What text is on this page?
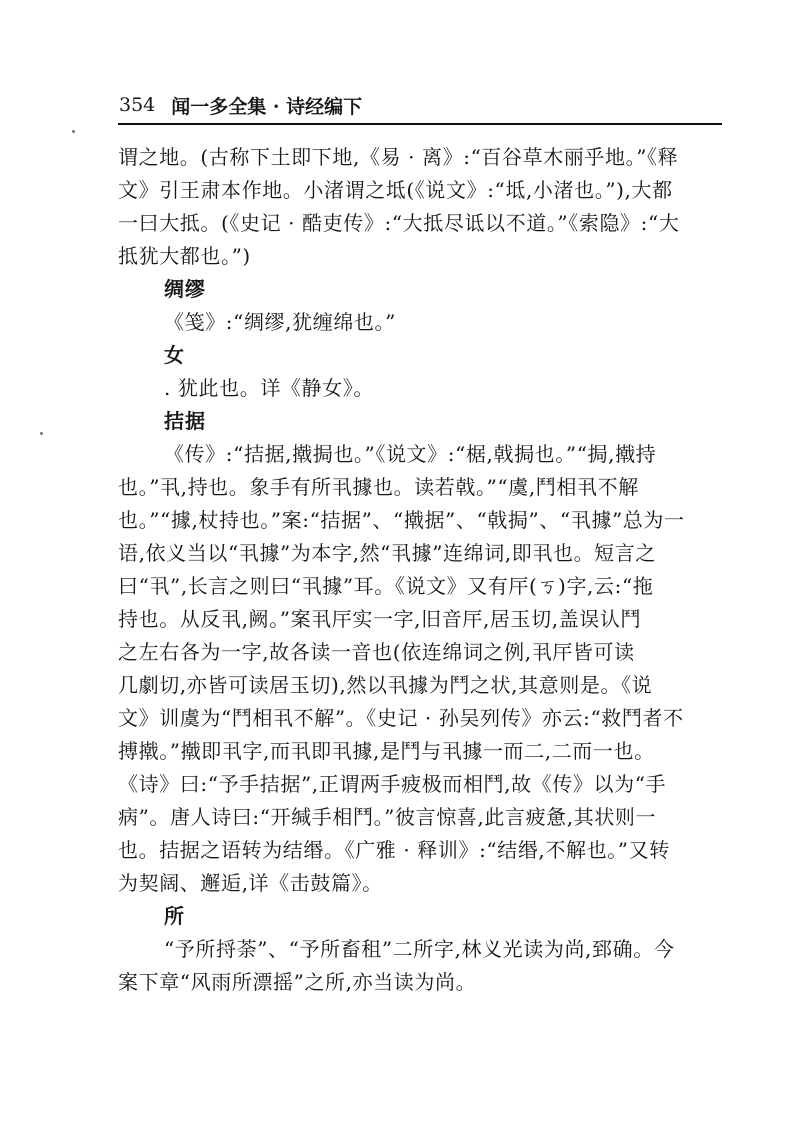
354 闻一多全集 · 诗经编下
谓之地。(古称下土即下地,《易 · 离》:“百谷草木丽乎地。”《释
文》引王肃本作地。小渚谓之坻(《说文》:“坻,小渚也。”),大都
一曰大抵。(《史记 · 酷吏传》:“大抵尽诋以不道。”《索隐》:“大
抵犹大都也。”)
绸缪
《笺》:“绸缪,犹缠绵也。”
女
. 犹此也。详《静女》。
拮据
《传》:“拮据,撠挶也。”《说文》:“椐,戟挶也。”“挶,撠持
也。”丮,持也。象手有所丮據也。读若戟。”“虞,鬥相丮不解
也。”“據,杖持也。”案:“拮据”、“撠据”、“戟挶”、“丮據”总为一
语,依义当以“丮據”为本字,然“丮據”连绵词,即丮也。短言之
曰“丮”,长言之则曰“丮據”耳。《说文》又有厈(ㄎ)字,云:“拖
持也。从反丮,阙。”案丮厈实一字,旧音厈,居玉切,盖误认鬥
之左右各为一字,故各读一音也(依连绵词之例,丮厈皆可读
几劇切,亦皆可读居玉切),然以丮據为鬥之状,其意则是。《说
文》训虞为“鬥相丮不解”。《史记 · 孙吴列传》亦云:“救鬥者不
搏撠。”撠即丮字,而丮即丮據,是鬥与丮據一而二,二而一也。
《诗》曰:“予手拮据”,正谓两手疲极而相鬥,故《传》以为“手
病”。唐人诗曰:“开缄手相鬥。”彼言惊喜,此言疲惫,其状则一
也。拮据之语转为结缗。《广雅 · 释训》:“结缗,不解也。”又转
为契阔、邂逅,详《击鼓篇》。
所
“予所捋荼”、“予所畜租”二所字,林义光读为尚,郅确。今
案下章“风雨所漂摇”之所,亦当读为尚。
